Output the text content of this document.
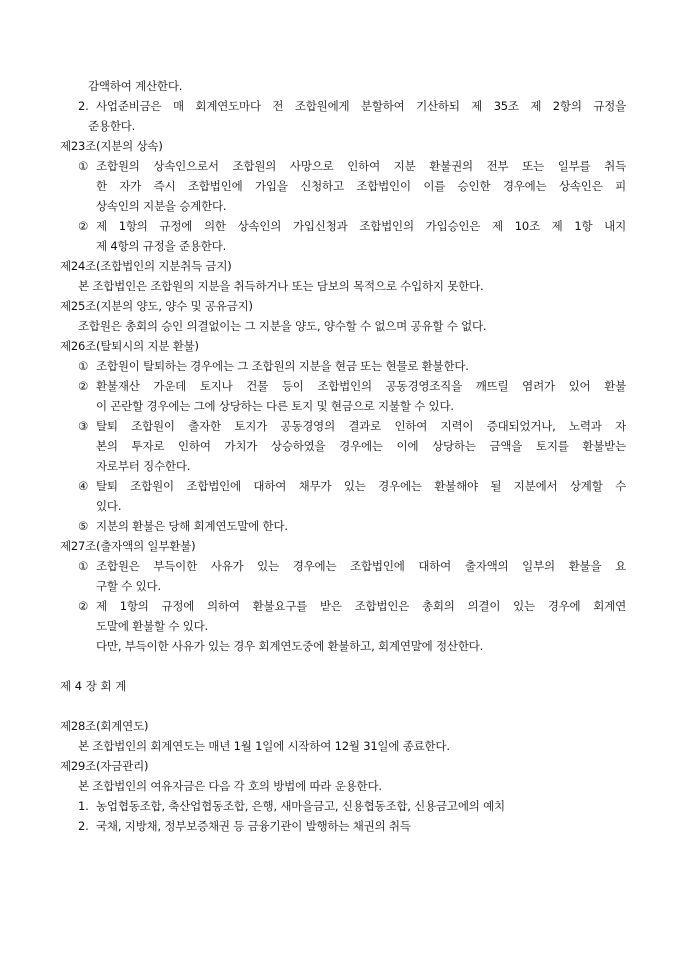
감액하여 계산한다.
2. 사업준비금은 매 회계연도마다 전 조합원에게 분할하여 기산하되 제 35조 제 2항의 규정을
준용한다.
제23조(지분의 상속)
① 조합원의 상속인으로서 조합원의 사망으로 인하여 지분 환불권의 전부 또는 일부를 취득
한 자가 즉시 조합법인에 가입을 신청하고 조합법인이 이를 승인한 경우에는 상속인은 피
상속인의 지분을 승계한다.
② 제 1항의 규정에 의한 상속인의 가입신청과 조합법인의 가입승인은 제 10조 제 1항 내지
제 4항의 규정을 준용한다.
제24조(조합법인의 지분취득 금지)
본 조합법인은 조합원의 지분을 취득하거나 또는 담보의 목적으로 수입하지 못한다.
제25조(지분의 양도, 양수 및 공유금지)
조합원은 총회의 승인 의결없이는 그 지분을 양도, 양수할 수 없으며 공유할 수 없다.
제26조(탈퇴시의 지분 환불)
① 조합원이 탈퇴하는 경우에는 그 조합원의 지분을 현금 또는 현물로 환불한다.
② 환불재산 가운데 토지나 건물 등이 조합법인의 공동경영조직을 깨뜨릴 염려가 있어 환불
이 곤란할 경우에는 그에 상당하는 다른 토지 및 현금으로 지불할 수 있다.
③ 탈퇴 조합원이 출자한 토지가 공동경영의 결과로 인하여 지력이 증대되었거나, 노력과 자
본의 투자로 인하여 가치가 상승하였을 경우에는 이에 상당하는 금액을 토지를 환불받는
자로부터 징수한다.
④ 탈퇴 조합원이 조합법인에 대하여 채무가 있는 경우에는 환불해야 될 지분에서 상계할 수
있다.
⑤ 지분의 환불은 당해 회계연도말에 한다.
제27조(출자액의 일부환불)
① 조합원은 부득이한 사유가 있는 경우에는 조합법인에 대하여 출자액의 일부의 환불을 요
구할 수 있다.
② 제 1항의 규정에 의하여 환불요구를 받은 조합법인은 총회의 의결이 있는 경우에 회계연
도말에 환불할 수 있다.
다만, 부득이한 사유가 있는 경우 회계연도중에 환불하고, 회계연말에 정산한다.
제 4 장 회 계
제28조(회계연도)
본 조합법인의 회계연도는 매년 1월 1일에 시작하여 12월 31일에 종료한다.
제29조(자금관리)
본 조합법인의 여유자금은 다음 각 호의 방법에 따라 운용한다.
1. 농업협동조합, 축산업협동조합, 은행, 새마을금고, 신용협동조합, 신용금고에의 예치
2. 국채, 지방채, 정부보증채권 등 금융기관이 발행하는 채권의 취득
